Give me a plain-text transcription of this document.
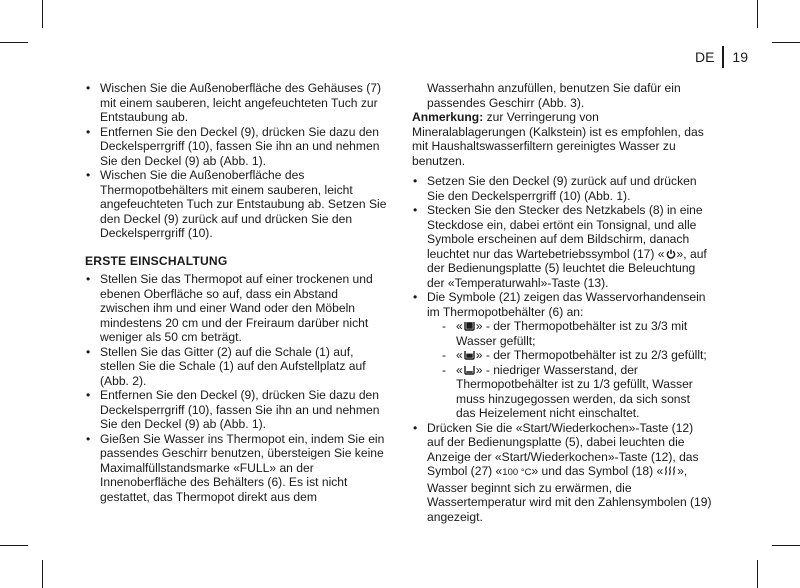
DE	19
• Wischen Sie die Außenoberfläche des Gehäuses (7) mit einem sauberen, leicht angefeuchteten Tuch zur Entstaubung ab.
• Entfernen Sie den Deckel (9), drücken Sie dazu den Deckelsperrgriff (10), fassen Sie ihn an und nehmen Sie den Deckel (9) ab (Abb. 1).
• Wischen Sie die Außenoberfläche des Thermopotbehälters mit einem sauberen, leicht angefeuchteten Tuch zur Entstaubung ab. Setzen Sie den Deckel (9) zurück auf und drücken Sie den Deckelsperrgriff (10).
ERSTE EINSCHALTUNG
• Stellen Sie das Thermopot auf einer trockenen und ebenen Oberfläche so auf, dass ein Abstand zwischen ihm und einer Wand oder den Möbeln mindestens 20 cm und der Freiraum darüber nicht weniger als 50 cm beträgt.
• Stellen Sie das Gitter (2) auf die Schale (1) auf, stellen Sie die Schale (1) auf den Aufstellplatz auf (Abb. 2).
• Entfernen Sie den Deckel (9), drücken Sie dazu den Deckelsperrgriff (10), fassen Sie ihn an und nehmen Sie den Deckel (9) ab (Abb. 1).
• Gießen Sie Wasser ins Thermopot ein, indem Sie ein passendes Geschirr benutzen, übersteigen Sie keine Maximalfüllstandsmarke «FULL» an der Innenoberfläche des Behälters (6). Es ist nicht gestattet, das Thermopot direkt aus dem
Wasserhahn anzufüllen, benutzen Sie dafür ein passendes Geschirr (Abb. 3).
Anmerkung: zur Verringerung von Mineralablagerungen (Kalkstein) ist es empfohlen, das mit Haushaltswasserfiltern gereinigtes Wasser zu benutzen.
• Setzen Sie den Deckel (9) zurück auf und drücken Sie den Deckelsperrgriff (10) (Abb. 1).
• Stecken Sie den Stecker des Netzkabels (8) in eine Steckdose ein, dabei ertönt ein Tonsignal, und alle Symbole erscheinen auf dem Bildschirm, danach leuchtet nur das Wartebetriebssymbol (17) « », auf der Bedienungsplatte (5) leuchtet die Beleuchtung der «Temperaturwahl»-Taste (13).
• Die Symbole (21) zeigen das Wasservorhandensein im Thermopotbehälter (6) an:
- « » - der Thermopotbehälter ist zu 3/3 mit Wasser gefüllt;
- « » - der Thermopotbehälter ist zu 2/3 gefüllt;
- « » - niedriger Wasserstand, der Thermopotbehälter ist zu 1/3 gefüllt, Wasser muss hinzugegossen werden, da sich sonst das Heizelement nicht einschaltet.
• Drücken Sie die «Start/Wiederkochen»-Taste (12) auf der Bedienungsplatte (5), dabei leuchten die Anzeige der «Start/Wiederkochen»-Taste (12), das Symbol (27) «100 °C» und das Symbol (18) « », Wasser beginnt sich zu erwärmen, die Wassertemperatur wird mit den Zahlensymbolen (19) angezeigt.
